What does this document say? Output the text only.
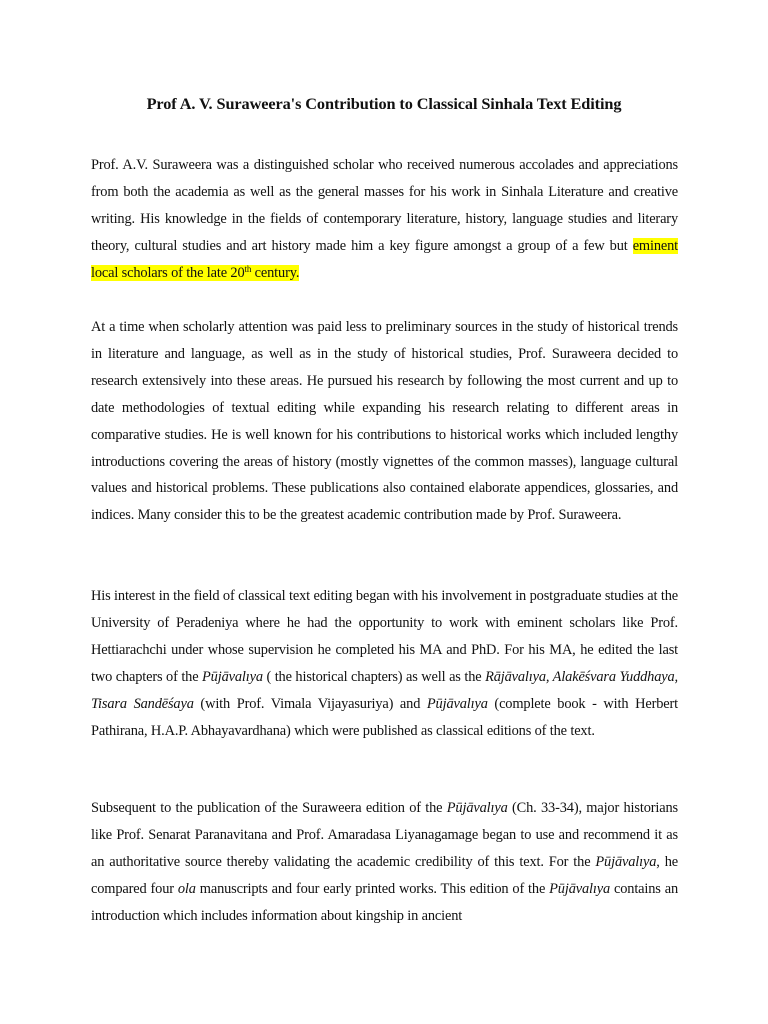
Prof A. V. Suraweera's Contribution to Classical Sinhala Text Editing

Prof. A.V. Suraweera was a distinguished scholar who received numerous accolades and appreciations from both the academia as well as the general masses for his work in Sinhala Literature and creative writing. His knowledge in the fields of contemporary literature, history, language studies and literary theory, cultural studies and art history made him a key figure amongst a group of a few but eminent local scholars of the late 20th century.

At a time when scholarly attention was paid less to preliminary sources in the study of historical trends in literature and language, as well as in the study of historical studies, Prof. Suraweera decided to research extensively into these areas. He pursued his research by following the most current and up to date methodologies of textual editing while expanding his research relating to different areas in comparative studies. He is well known for his contributions to historical works which included lengthy introductions covering the areas of history (mostly vignettes of the common masses), language cultural values and historical problems. These publications also contained elaborate appendices, glossaries, and indices. Many consider this to be the greatest academic contribution made by Prof. Suraweera.

His interest in the field of classical text editing began with his involvement in postgraduate studies at the University of Peradeniya where he had the opportunity to work with eminent scholars like Prof. Hettiarachchi under whose supervision he completed his MA and PhD. For his MA, he edited the last two chapters of the Pūjāvalıya ( the historical chapters) as well as the Rājāvalıya, Alakēśvara Yuddhaya, Tisara Sandēśaya (with Prof. Vimala Vijayasuriya) and Pūjāvalıya (complete book - with Herbert Pathirana, H.A.P. Abhayavardhana) which were published as classical editions of the text.

Subsequent to the publication of the Suraweera edition of the Pūjāvalıya (Ch. 33-34), major historians like Prof. Senarat Paranavitana and Prof. Amaradasa Liyanagamage began to use and recommend it as an authoritative source thereby validating the academic credibility of this text. For the Pūjāvalıya, he compared four ola manuscripts and four early printed works. This edition of the Pūjāvalıya contains an introduction which includes information about kingship in ancient
